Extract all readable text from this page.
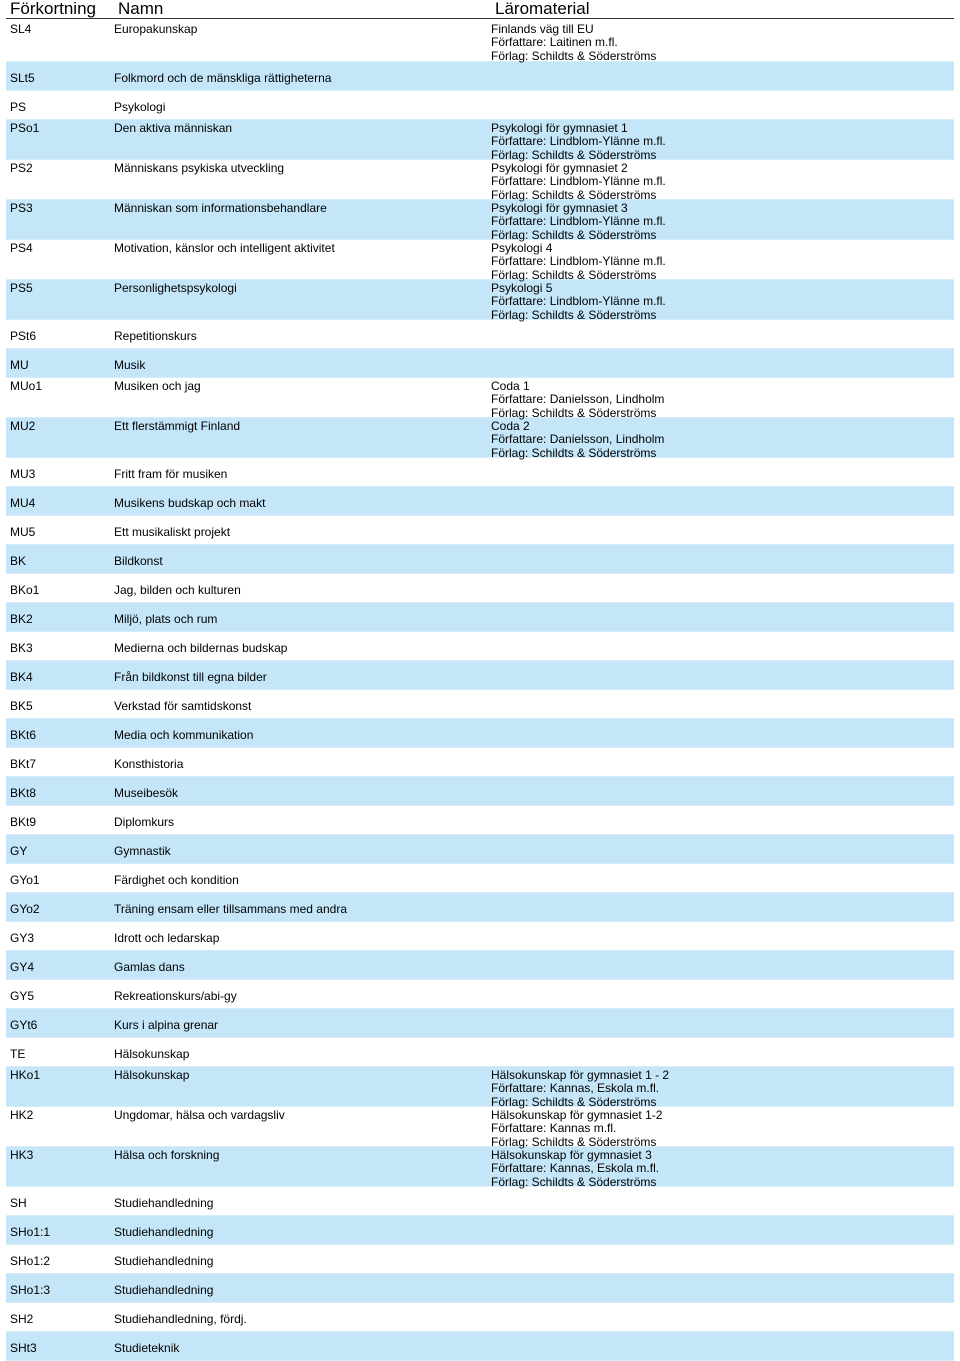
Förkortning	Namn	Läromaterial
SL4	Europakunskap	Finlands väg till EU
Författare: Laitinen m.fl.
Förlag: Schildts & Söderströms
SLt5	Folkmord och de mänskliga rättigheterna
PS	Psykologi
PSo1	Den aktiva människan	Psykologi för gymnasiet 1
Författare: Lindblom-Ylänne m.fl.
Förlag: Schildts & Söderströms
PS2	Människans psykiska utveckling	Psykologi för gymnasiet 2
Författare: Lindblom-Ylänne m.fl.
Förlag: Schildts & Söderströms
PS3	Människan som informationsbehandlare	Psykologi för gymnasiet 3
Författare: Lindblom-Ylänne m.fl.
Förlag: Schildts & Söderströms
PS4	Motivation, känslor och intelligent aktivitet	Psykologi 4
Författare: Lindblom-Ylänne m.fl.
Förlag: Schildts & Söderströms
PS5	Personlighetspsykologi	Psykologi 5
Författare: Lindblom-Ylänne m.fl.
Förlag: Schildts & Söderströms
PSt6	Repetitionskurs
MU	Musik
MUo1	Musiken och jag	Coda 1
Författare: Danielsson, Lindholm
Förlag: Schildts & Söderströms
MU2	Ett flerstämmigt Finland	Coda 2
Författare: Danielsson, Lindholm
Förlag: Schildts & Söderströms
MU3	Fritt fram för musiken
MU4	Musikens budskap och makt
MU5	Ett musikaliskt projekt
BK	Bildkonst
BKo1	Jag, bilden och kulturen
BK2	Miljö, plats och rum
BK3	Medierna och bildernas budskap
BK4	Från bildkonst till egna bilder
BK5	Verkstad för samtidskonst
BKt6	Media och kommunikation
BKt7	Konsthistoria
BKt8	Museibesök
BKt9	Diplomkurs
GY	Gymnastik
GYo1	Färdighet och kondition
GYo2	Träning ensam eller tillsammans med andra
GY3	Idrott och ledarskap
GY4	Gamlas dans
GY5	Rekreationskurs/abi-gy
GYt6	Kurs i alpina grenar
TE	Hälsokunskap
HKo1	Hälsokunskap	Hälsokunskap för gymnasiet 1 - 2
Författare: Kannas, Eskola m.fl.
Förlag: Schildts & Söderströms
HK2	Ungdomar, hälsa och vardagsliv	Hälsokunskap för gymnasiet 1-2
Författare: Kannas m.fl.
Förlag: Schildts & Söderströms
HK3	Hälsa och forskning	Hälsokunskap för gymnasiet 3
Författare: Kannas, Eskola m.fl.
Förlag: Schildts & Söderströms
SH	Studiehandledning
SHo1:1	Studiehandledning
SHo1:2	Studiehandledning
SHo1:3	Studiehandledning
SH2	Studiehandledning, fördj.
SHt3	Studieteknik
